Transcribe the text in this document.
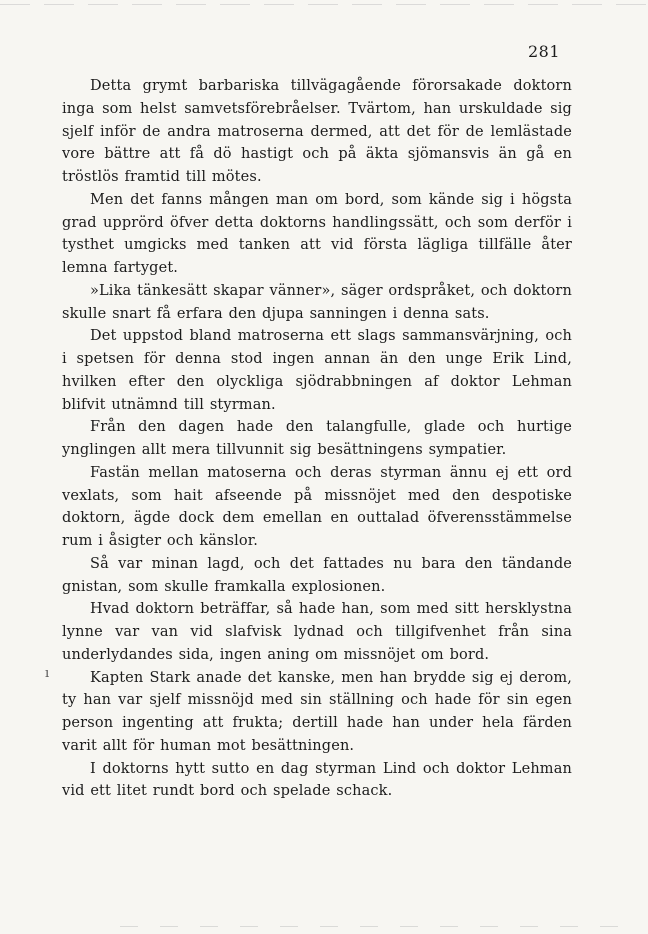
281

Detta grymt barbariska tillvägagående förorsakade doktorn inga som helst samvetsförebråelser. Tvärtom, han urskuldade sig sjelf inför de andra matroserna dermed, att det för de lemlästade vore bättre att få dö hastigt och på äkta sjömansvis än gå en tröstlös framtid till mötes.

Men det fanns mången man om bord, som kände sig i högsta grad upprörd öfver detta doktorns handlingssätt, och som derför i tysthet umgicks med tanken att vid första lägliga tillfälle åter lemna fartyget.

»Lika tänkesätt skapar vänner», säger ordspråket, och doktorn skulle snart få erfara den djupa sanningen i denna sats.

Det uppstod bland matroserna ett slags sammansvärjning, och i spetsen för denna stod ingen annan än den unge Erik Lind, hvilken efter den olyckliga sjödrabbningen af doktor Lehman blifvit utnämnd till styrman.

Från den dagen hade den talangfulle, glade och hurtige ynglingen allt mera tillvunnit sig besättningens sympatier.

Fastän mellan matoserna och deras styrman ännu ej ett ord vexlats, som hait afseende på missnöjet med den despotiske doktorn, ägde dock dem emellan en outtalad öfverensstämmelse rum i åsigter och känslor.

Så var minan lagd, och det fattades nu bara den tändande gnistan, som skulle framkalla explosionen.

Hvad doktorn beträffar, så hade han, som med sitt hersklystna lynne var van vid slafvisk lydnad och tillgifvenhet från sina underlydandes sida, ingen aning om missnöjet om bord.

Kapten Stark anade det kanske, men han brydde sig ej derom, ty han var sjelf missnöjd med sin ställning och hade för sin egen person ingenting att frukta; dertill hade han under hela färden varit allt för human mot besättningen.

I doktorns hytt sutto en dag styrman Lind och doktor Lehman vid ett litet rundt bord och spelade schack.

ı
